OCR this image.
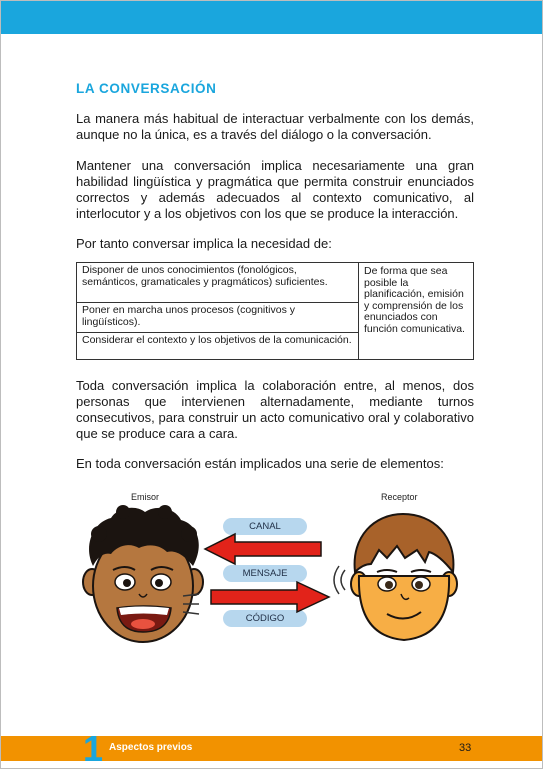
LA CONVERSACIÓN

La manera más habitual de interactuar verbalmente con los demás, aunque no la única, es a través del diálogo o la conversación.

Mantener una conversación implica necesariamente una gran habilidad lingüística y pragmática que permita construir enunciados correctos y además adecuados al contexto comunicativo, al interlocutor y a los objetivos con los que se produce la interacción.

Por tanto conversar implica la necesidad de:

Disponer de unos conocimientos (fonológicos, semánticos, gramaticales y pragmáticos) suficientes.	De forma que sea posible la planificación, emisión y comprensión de los enunciados con función comunicativa.
Poner en marcha unos procesos (cognitivos y lingüísticos).
Considerar el contexto y los objetivos de la comunicación.

Toda conversación implica la colaboración entre, al menos, dos personas que intervienen alternadamente, mediante turnos consecutivos, para construir un acto comunicativo oral y colaborativo que se produce cara a cara.

En toda conversación están implicados una serie de elementos:

Emisor	Receptor
CANAL
MENSAJE
CÓDIGO
1 Aspectos previos	33
